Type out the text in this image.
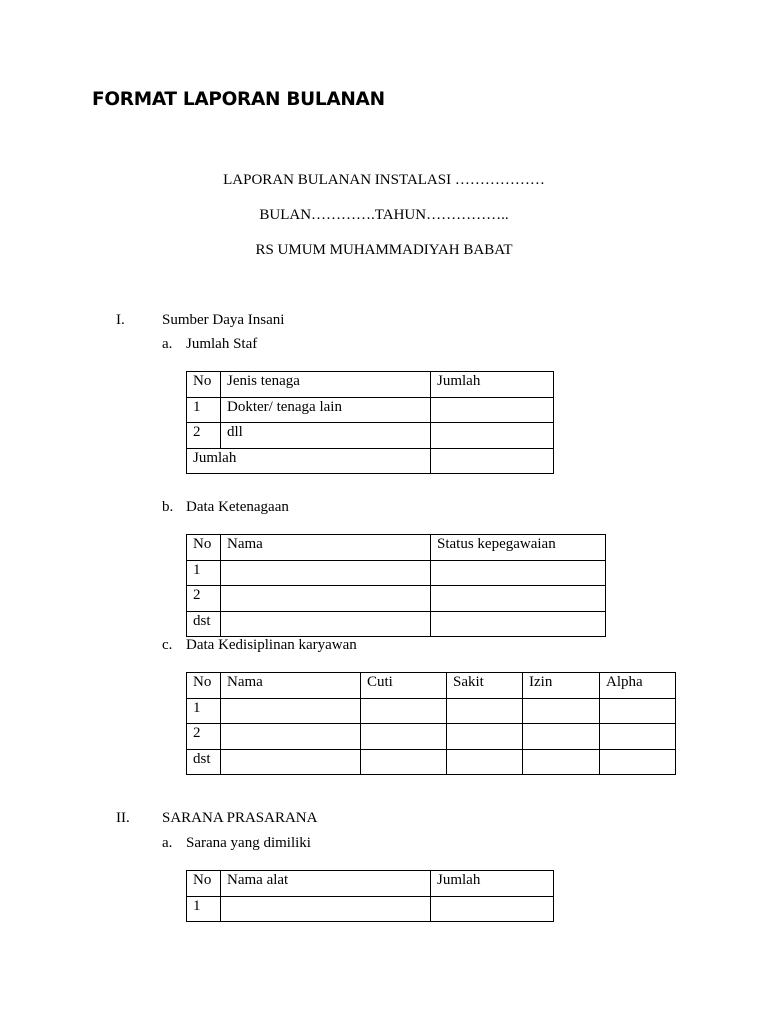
FORMAT LAPORAN BULANAN
LAPORAN BULANAN INSTALASI ………………
BULAN………….TAHUN……………..
RS UMUM MUHAMMADIYAH BABAT
I. Sumber Daya Insani
a. Jumlah Staf
No	Jenis tenaga	Jumlah
1	Dokter/ tenaga lain	
2	dll	
Jumlah		
b. Data Ketenagaan
No	Nama	Status kepegawaian
1		
2		
dst		
c. Data Kedisiplinan karyawan
No	Nama	Cuti	Sakit	Izin	Alpha
1					
2					
dst					
II. SARANA PRASARANA
a. Sarana yang dimiliki
No	Nama alat	Jumlah
1		
